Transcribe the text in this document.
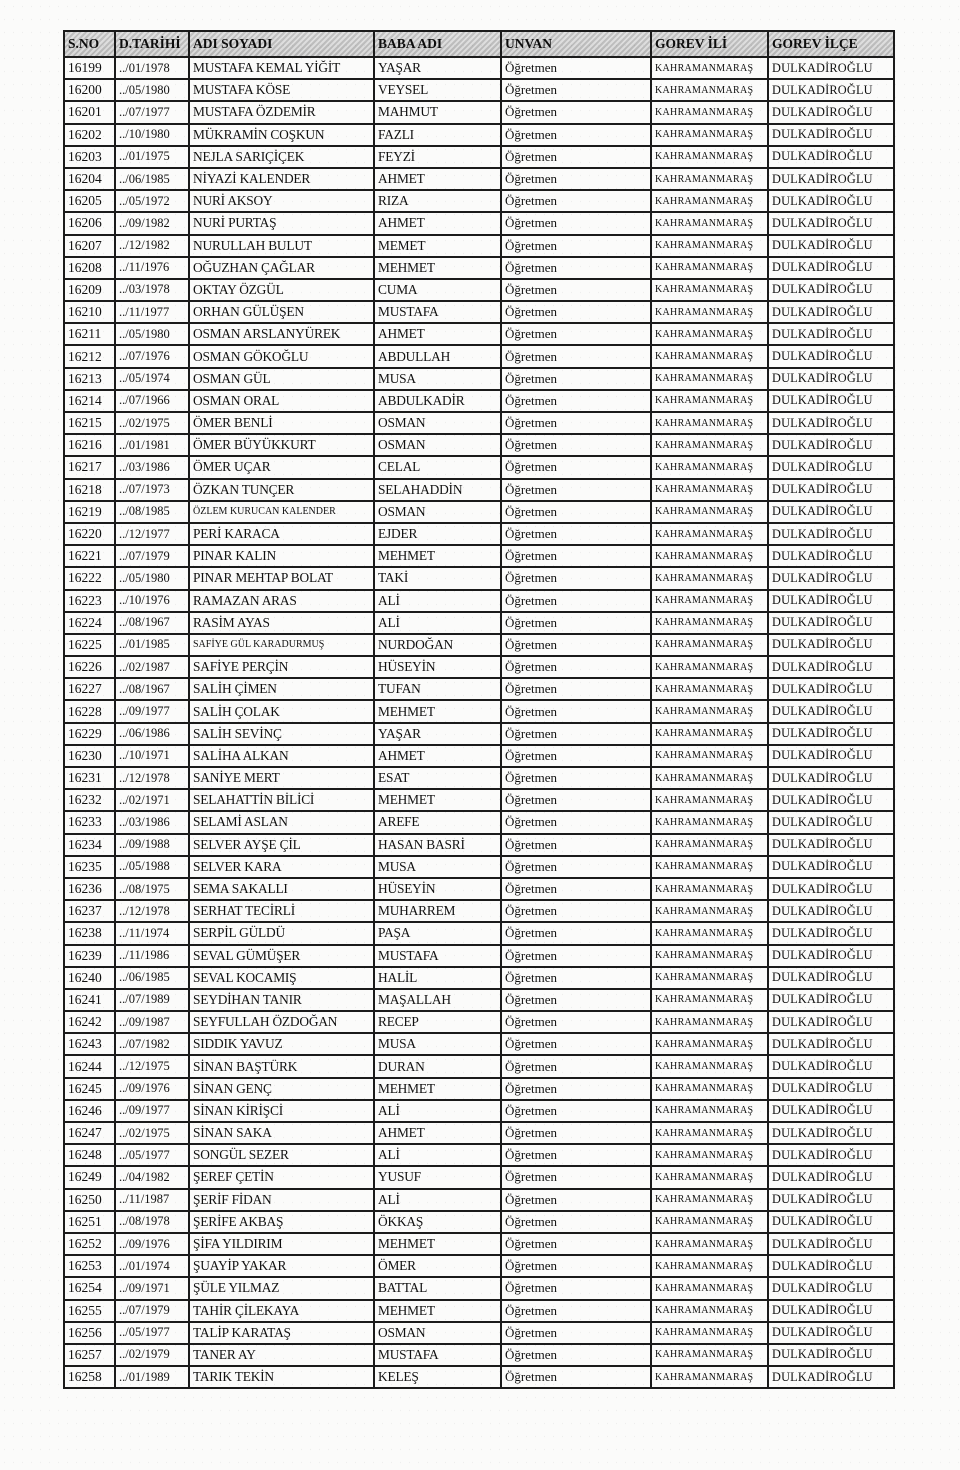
S.NO	D.TARİHİ	ADI SOYADI	BABA ADI	UNVAN	GOREV İLİ	GOREV İLÇE
16199	../01/1978	MUSTAFA KEMAL YİĞİT	YAŞAR	Öğretmen	KAHRAMANMARAŞ	DULKADİROĞLU
16200	../05/1980	MUSTAFA KÖSE	VEYSEL	Öğretmen	KAHRAMANMARAŞ	DULKADİROĞLU
16201	../07/1977	MUSTAFA ÖZDEMİR	MAHMUT	Öğretmen	KAHRAMANMARAŞ	DULKADİROĞLU
16202	../10/1980	MÜKRAMİN COŞKUN	FAZLI	Öğretmen	KAHRAMANMARAŞ	DULKADİROĞLU
16203	../01/1975	NEJLA SARIÇİÇEK	FEYZİ	Öğretmen	KAHRAMANMARAŞ	DULKADİROĞLU
16204	../06/1985	NİYAZİ KALENDER	AHMET	Öğretmen	KAHRAMANMARAŞ	DULKADİROĞLU
16205	../05/1972	NURİ AKSOY	RIZA	Öğretmen	KAHRAMANMARAŞ	DULKADİROĞLU
16206	../09/1982	NURİ PURTAŞ	AHMET	Öğretmen	KAHRAMANMARAŞ	DULKADİROĞLU
16207	../12/1982	NURULLAH BULUT	MEMET	Öğretmen	KAHRAMANMARAŞ	DULKADİROĞLU
16208	../11/1976	OĞUZHAN ÇAĞLAR	MEHMET	Öğretmen	KAHRAMANMARAŞ	DULKADİROĞLU
16209	../03/1978	OKTAY ÖZGÜL	CUMA	Öğretmen	KAHRAMANMARAŞ	DULKADİROĞLU
16210	../11/1977	ORHAN GÜLÜŞEN	MUSTAFA	Öğretmen	KAHRAMANMARAŞ	DULKADİROĞLU
16211	../05/1980	OSMAN ARSLANYÜREK	AHMET	Öğretmen	KAHRAMANMARAŞ	DULKADİROĞLU
16212	../07/1976	OSMAN GÖKOĞLU	ABDULLAH	Öğretmen	KAHRAMANMARAŞ	DULKADİROĞLU
16213	../05/1974	OSMAN GÜL	MUSA	Öğretmen	KAHRAMANMARAŞ	DULKADİROĞLU
16214	../07/1966	OSMAN ORAL	ABDULKADİR	Öğretmen	KAHRAMANMARAŞ	DULKADİROĞLU
16215	../02/1975	ÖMER BENLİ	OSMAN	Öğretmen	KAHRAMANMARAŞ	DULKADİROĞLU
16216	../01/1981	ÖMER BÜYÜKKURT	OSMAN	Öğretmen	KAHRAMANMARAŞ	DULKADİROĞLU
16217	../03/1986	ÖMER UÇAR	CELAL	Öğretmen	KAHRAMANMARAŞ	DULKADİROĞLU
16218	../07/1973	ÖZKAN TUNÇER	SELAHADDİN	Öğretmen	KAHRAMANMARAŞ	DULKADİROĞLU
16219	../08/1985	ÖZLEM KURUCAN KALENDER	OSMAN	Öğretmen	KAHRAMANMARAŞ	DULKADİROĞLU
16220	../12/1977	PERİ KARACA	EJDER	Öğretmen	KAHRAMANMARAŞ	DULKADİROĞLU
16221	../07/1979	PINAR KALIN	MEHMET	Öğretmen	KAHRAMANMARAŞ	DULKADİROĞLU
16222	../05/1980	PINAR MEHTAP BOLAT	TAKİ	Öğretmen	KAHRAMANMARAŞ	DULKADİROĞLU
16223	../10/1976	RAMAZAN ARAS	ALİ	Öğretmen	KAHRAMANMARAŞ	DULKADİROĞLU
16224	../08/1967	RASİM AYAS	ALİ	Öğretmen	KAHRAMANMARAŞ	DULKADİROĞLU
16225	../01/1985	SAFİYE GÜL KARADURMUŞ	NURDOĞAN	Öğretmen	KAHRAMANMARAŞ	DULKADİROĞLU
16226	../02/1987	SAFİYE PERÇİN	HÜSEYİN	Öğretmen	KAHRAMANMARAŞ	DULKADİROĞLU
16227	../08/1967	SALİH ÇİMEN	TUFAN	Öğretmen	KAHRAMANMARAŞ	DULKADİROĞLU
16228	../09/1977	SALİH ÇOLAK	MEHMET	Öğretmen	KAHRAMANMARAŞ	DULKADİROĞLU
16229	../06/1986	SALİH SEVİNÇ	YAŞAR	Öğretmen	KAHRAMANMARAŞ	DULKADİROĞLU
16230	../10/1971	SALİHA ALKAN	AHMET	Öğretmen	KAHRAMANMARAŞ	DULKADİROĞLU
16231	../12/1978	SANİYE MERT	ESAT	Öğretmen	KAHRAMANMARAŞ	DULKADİROĞLU
16232	../02/1971	SELAHATTİN BİLİCİ	MEHMET	Öğretmen	KAHRAMANMARAŞ	DULKADİROĞLU
16233	../03/1986	SELAMİ ASLAN	AREFE	Öğretmen	KAHRAMANMARAŞ	DULKADİROĞLU
16234	../09/1988	SELVER AYŞE ÇİL	HASAN BASRİ	Öğretmen	KAHRAMANMARAŞ	DULKADİROĞLU
16235	../05/1988	SELVER KARA	MUSA	Öğretmen	KAHRAMANMARAŞ	DULKADİROĞLU
16236	../08/1975	SEMA SAKALLI	HÜSEYİN	Öğretmen	KAHRAMANMARAŞ	DULKADİROĞLU
16237	../12/1978	SERHAT TECİRLİ	MUHARREM	Öğretmen	KAHRAMANMARAŞ	DULKADİROĞLU
16238	../11/1974	SERPİL GÜLDÜ	PAŞA	Öğretmen	KAHRAMANMARAŞ	DULKADİROĞLU
16239	../11/1986	SEVAL GÜMÜŞER	MUSTAFA	Öğretmen	KAHRAMANMARAŞ	DULKADİROĞLU
16240	../06/1985	SEVAL KOCAMIŞ	HALİL	Öğretmen	KAHRAMANMARAŞ	DULKADİROĞLU
16241	../07/1989	SEYDİHAN TANIR	MAŞALLAH	Öğretmen	KAHRAMANMARAŞ	DULKADİROĞLU
16242	../09/1987	SEYFULLAH ÖZDOĞAN	RECEP	Öğretmen	KAHRAMANMARAŞ	DULKADİROĞLU
16243	../07/1982	SIDDIK YAVUZ	MUSA	Öğretmen	KAHRAMANMARAŞ	DULKADİROĞLU
16244	../12/1975	SİNAN BAŞTÜRK	DURAN	Öğretmen	KAHRAMANMARAŞ	DULKADİROĞLU
16245	../09/1976	SİNAN GENÇ	MEHMET	Öğretmen	KAHRAMANMARAŞ	DULKADİROĞLU
16246	../09/1977	SİNAN KİRİŞCİ	ALİ	Öğretmen	KAHRAMANMARAŞ	DULKADİROĞLU
16247	../02/1975	SİNAN SAKA	AHMET	Öğretmen	KAHRAMANMARAŞ	DULKADİROĞLU
16248	../05/1977	SONGÜL SEZER	ALİ	Öğretmen	KAHRAMANMARAŞ	DULKADİROĞLU
16249	../04/1982	ŞEREF ÇETİN	YUSUF	Öğretmen	KAHRAMANMARAŞ	DULKADİROĞLU
16250	../11/1987	ŞERİF FİDAN	ALİ	Öğretmen	KAHRAMANMARAŞ	DULKADİROĞLU
16251	../08/1978	ŞERİFE AKBAŞ	ÖKKAŞ	Öğretmen	KAHRAMANMARAŞ	DULKADİROĞLU
16252	../09/1976	ŞİFA YILDIRIM	MEHMET	Öğretmen	KAHRAMANMARAŞ	DULKADİROĞLU
16253	../01/1974	ŞUAYİP YAKAR	ÖMER	Öğretmen	KAHRAMANMARAŞ	DULKADİROĞLU
16254	../09/1971	ŞÜLE YILMAZ	BATTAL	Öğretmen	KAHRAMANMARAŞ	DULKADİROĞLU
16255	../07/1979	TAHİR ÇİLEKAYA	MEHMET	Öğretmen	KAHRAMANMARAŞ	DULKADİROĞLU
16256	../05/1977	TALİP KARATAŞ	OSMAN	Öğretmen	KAHRAMANMARAŞ	DULKADİROĞLU
16257	../02/1979	TANER AY	MUSTAFA	Öğretmen	KAHRAMANMARAŞ	DULKADİROĞLU
16258	../01/1989	TARIK TEKİN	KELEŞ	Öğretmen	KAHRAMANMARAŞ	DULKADİROĞLU
